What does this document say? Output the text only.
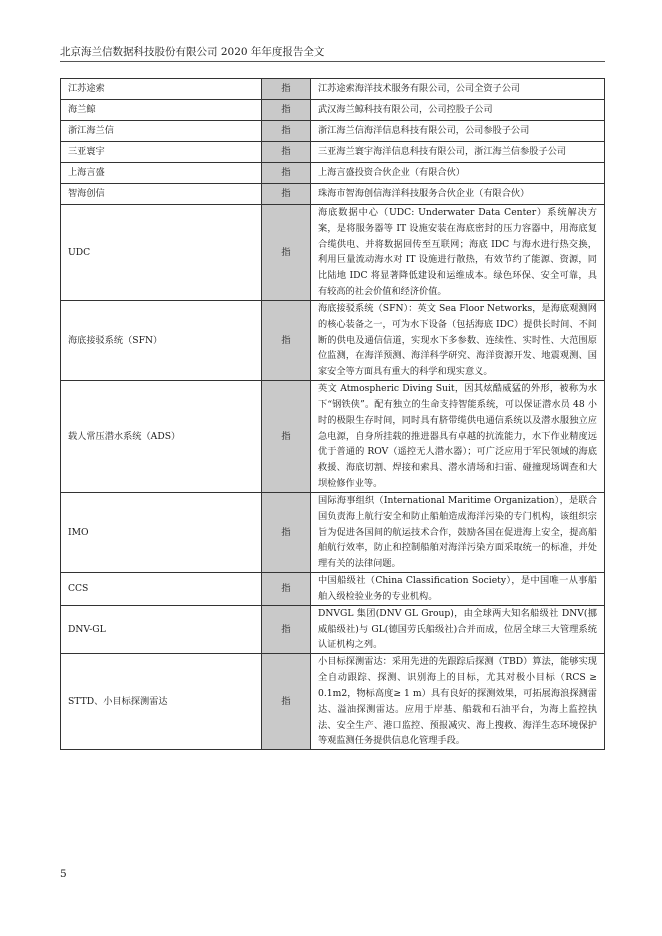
北京海兰信数据科技股份有限公司 2020 年年度报告全文
江苏途索	指	江苏途索海洋技术服务有限公司，公司全资子公司
海兰鲸	指	武汉海兰鲸科技有限公司，公司控股子公司
浙江海兰信	指	浙江海兰信海洋信息科技有限公司，公司参股子公司
三亚寰宇	指	三亚海兰寰宇海洋信息科技有限公司，浙江海兰信参股子公司
上海言盛	指	上海言盛投资合伙企业（有限合伙）
智海创信	指	珠海市智海创信海洋科技服务合伙企业（有限合伙）
UDC	指	海底数据中心（UDC: Underwater Data Center）系统解决方案，是将服务器等 IT 设施安装在海底密封的压力容器中，用海底复合缆供电、并将数据回传至互联网；海底 IDC 与海水进行热交换，利用巨量流动海水对 IT 设施进行散热，有效节约了能源、资源，同比陆地 IDC 将显著降低建设和运维成本。绿色环保、安全可靠，具有较高的社会价值和经济价值。
海底接驳系统（SFN）	指	海底接驳系统（SFN）：英文 Sea Floor Networks，是海底观测网的核心装备之一，可为水下设备（包括海底 IDC）提供长时间、不间断的供电及通信信道，实现水下多参数、连续性、实时性、大范围原位监测，在海洋预测、海洋科学研究、海洋资源开发、地震观测、国家安全等方面具有重大的科学和现实意义。
载人常压潜水系统（ADS）	指	英文 Atmospheric Diving Suit，因其炫酷威猛的外形，被称为水下“钢铁侠”。配有独立的生命支持智能系统，可以保证潜水员 48 小时的极限生存时间，同时具有脐带缆供电通信系统以及潜水服独立应急电源，自身所挂载的推进器具有卓越的抗流能力，水下作业精度远优于普通的 ROV（遥控无人潜水器）；可广泛应用于军民领域的海底救援、海底切割、焊接和索具、潜水清场和扫雷、碰撞现场调查和大坝检修作业等。
IMO	指	国际海事组织（International Maritime Organization），是联合国负责海上航行安全和防止船舶造成海洋污染的专门机构，该组织宗旨为促进各国间的航运技术合作，鼓励各国在促进海上安全，提高船舶航行效率，防止和控制船舶对海洋污染方面采取统一的标准，并处理有关的法律问题。
CCS	指	中国船级社（China Classification Society），是中国唯一从事船舶入级检验业务的专业机构。
DNV-GL	指	DNVGL 集团(DNV GL Group)，由全球两大知名船级社 DNV(挪威船级社)与 GL(德国劳氏船级社)合并而成，位居全球三大管理系统认证机构之列。
STTD、小目标探测雷达	指	小目标探测雷达：采用先进的先跟踪后探测（TBD）算法，能够实现全自动跟踪、探测、识别海上的目标，尤其对极小目标（RCS ≥ 0.1m2，物标高度≥ 1 m）具有良好的探测效果，可拓展海浪探测雷达、溢油探测雷达。应用于岸基、船载和石油平台，为海上监控执法、安全生产、港口监控、预报减灾、海上搜救、海洋生态环境保护等观监测任务提供信息化管理手段。
5
